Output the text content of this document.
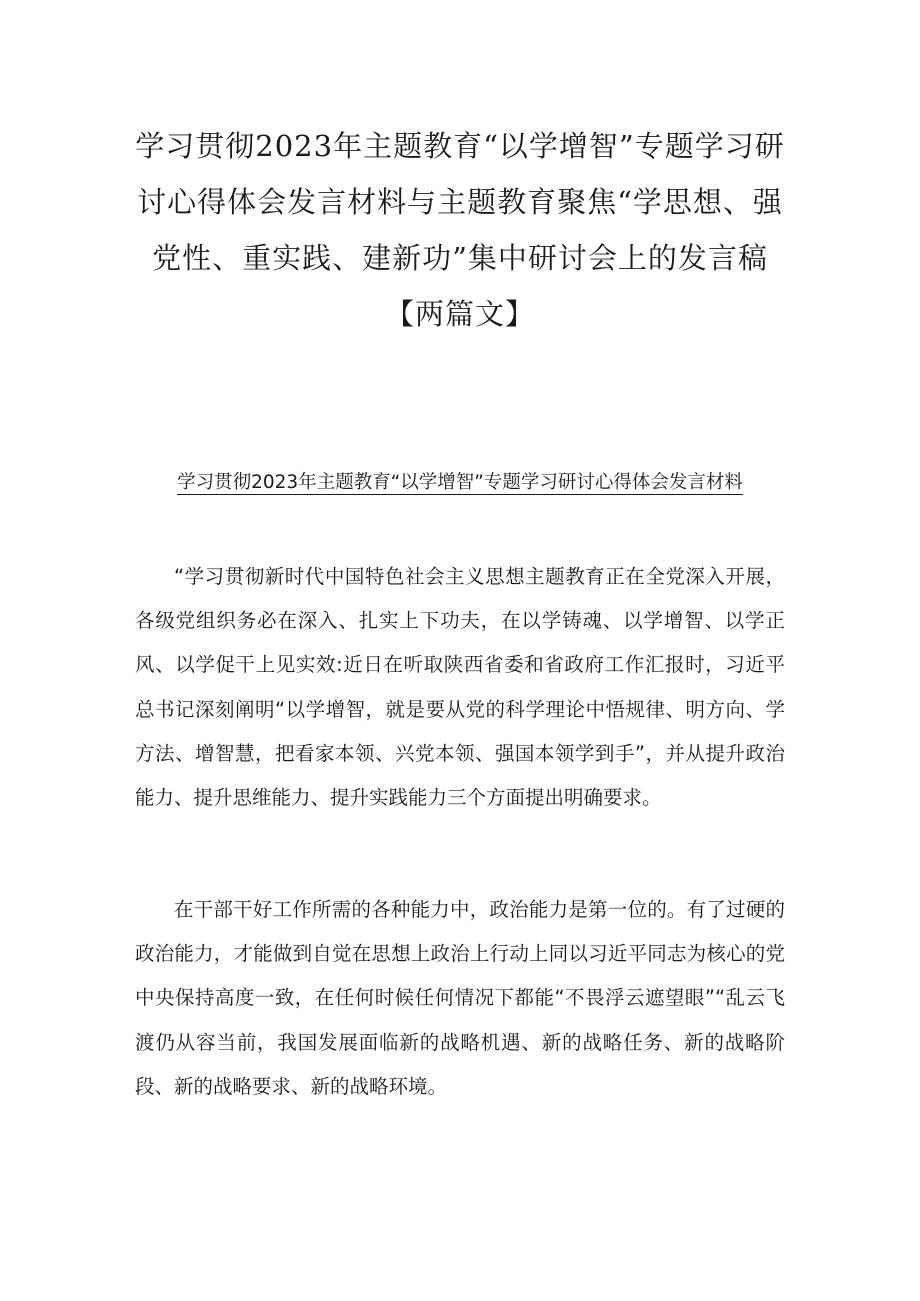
学习贯彻2023年主题教育“以学增智”专题学习研讨心得体会发言材料与主题教育聚焦“学思想、强党性、重实践、建新功”集中研讨会上的发言稿【两篇文】
学习贯彻2023年主题教育“以学增智”专题学习研讨心得体会发言材料

“学习贯彻新时代中国特色社会主义思想主题教育正在全党深入开展，各级党组织务必在深入、扎实上下功夫，在以学铸魂、以学增智、以学正风、以学促干上见实效:近日在听取陕西省委和省政府工作汇报时，习近平总书记深刻阐明“以学增智，就是要从党的科学理论中悟规律、明方向、学方法、增智慧，把看家本领、兴党本领、强国本领学到手”，并从提升政治能力、提升思维能力、提升实践能力三个方面提出明确要求。

在干部干好工作所需的各种能力中，政治能力是第一位的。有了过硬的政治能力，才能做到自觉在思想上政治上行动上同以习近平同志为核心的党中央保持高度一致，在任何时候任何情况下都能“不畏浮云遮望眼”“乱云飞渡仍从容当前，我国发展面临新的战略机遇、新的战略任务、新的战略阶段、新的战略要求、新的战略环境。
